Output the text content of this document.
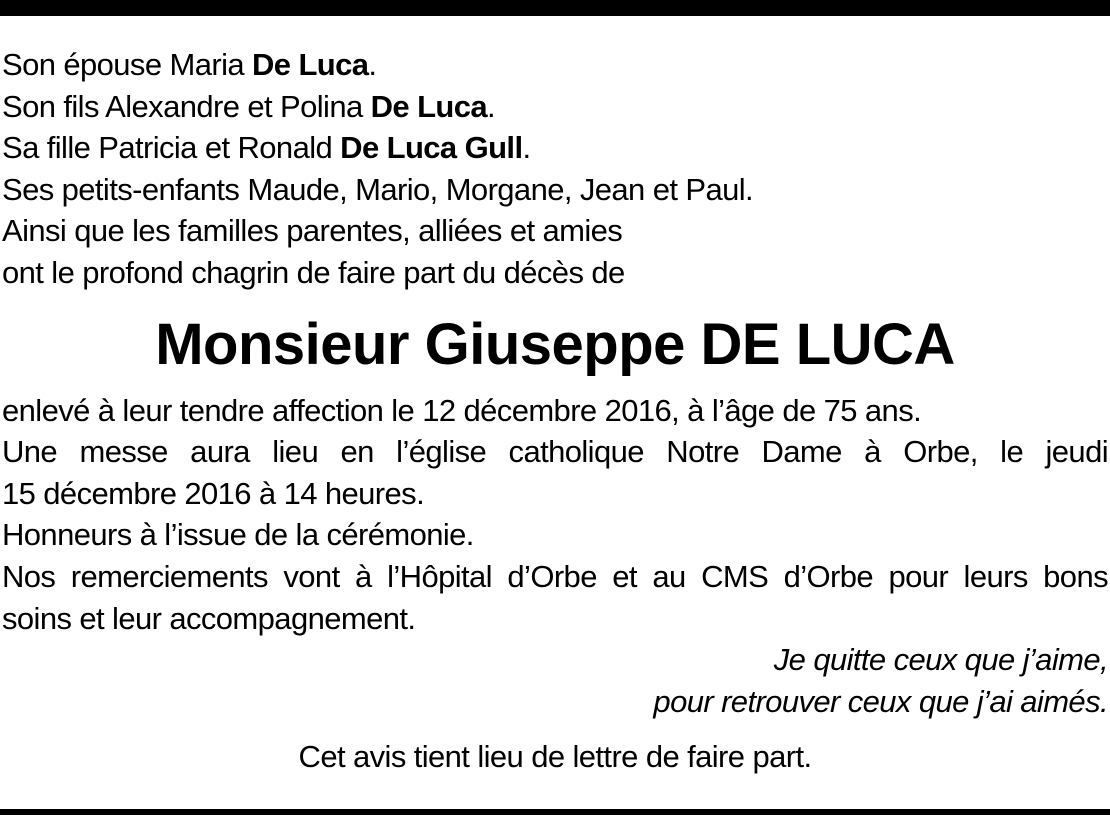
Son épouse Maria De Luca.
Son fils Alexandre et Polina De Luca.
Sa fille Patricia et Ronald De Luca Gull.
Ses petits-enfants Maude, Mario, Morgane, Jean et Paul.
Ainsi que les familles parentes, alliées et amies
ont le profond chagrin de faire part du décès de
Monsieur Giuseppe DE LUCA
enlevé à leur tendre affection le 12 décembre 2016, à l’âge de 75 ans.
Une messe aura lieu en l’église catholique Notre Dame à Orbe, le jeudi
15 décembre 2016 à 14 heures.
Honneurs à l’issue de la cérémonie.
Nos remerciements vont à l’Hôpital d’Orbe et au CMS d’Orbe pour leurs bons
soins et leur accompagnement.
Je quitte ceux que j’aime,
pour retrouver ceux que j’ai aimés.
Cet avis tient lieu de lettre de faire part.
